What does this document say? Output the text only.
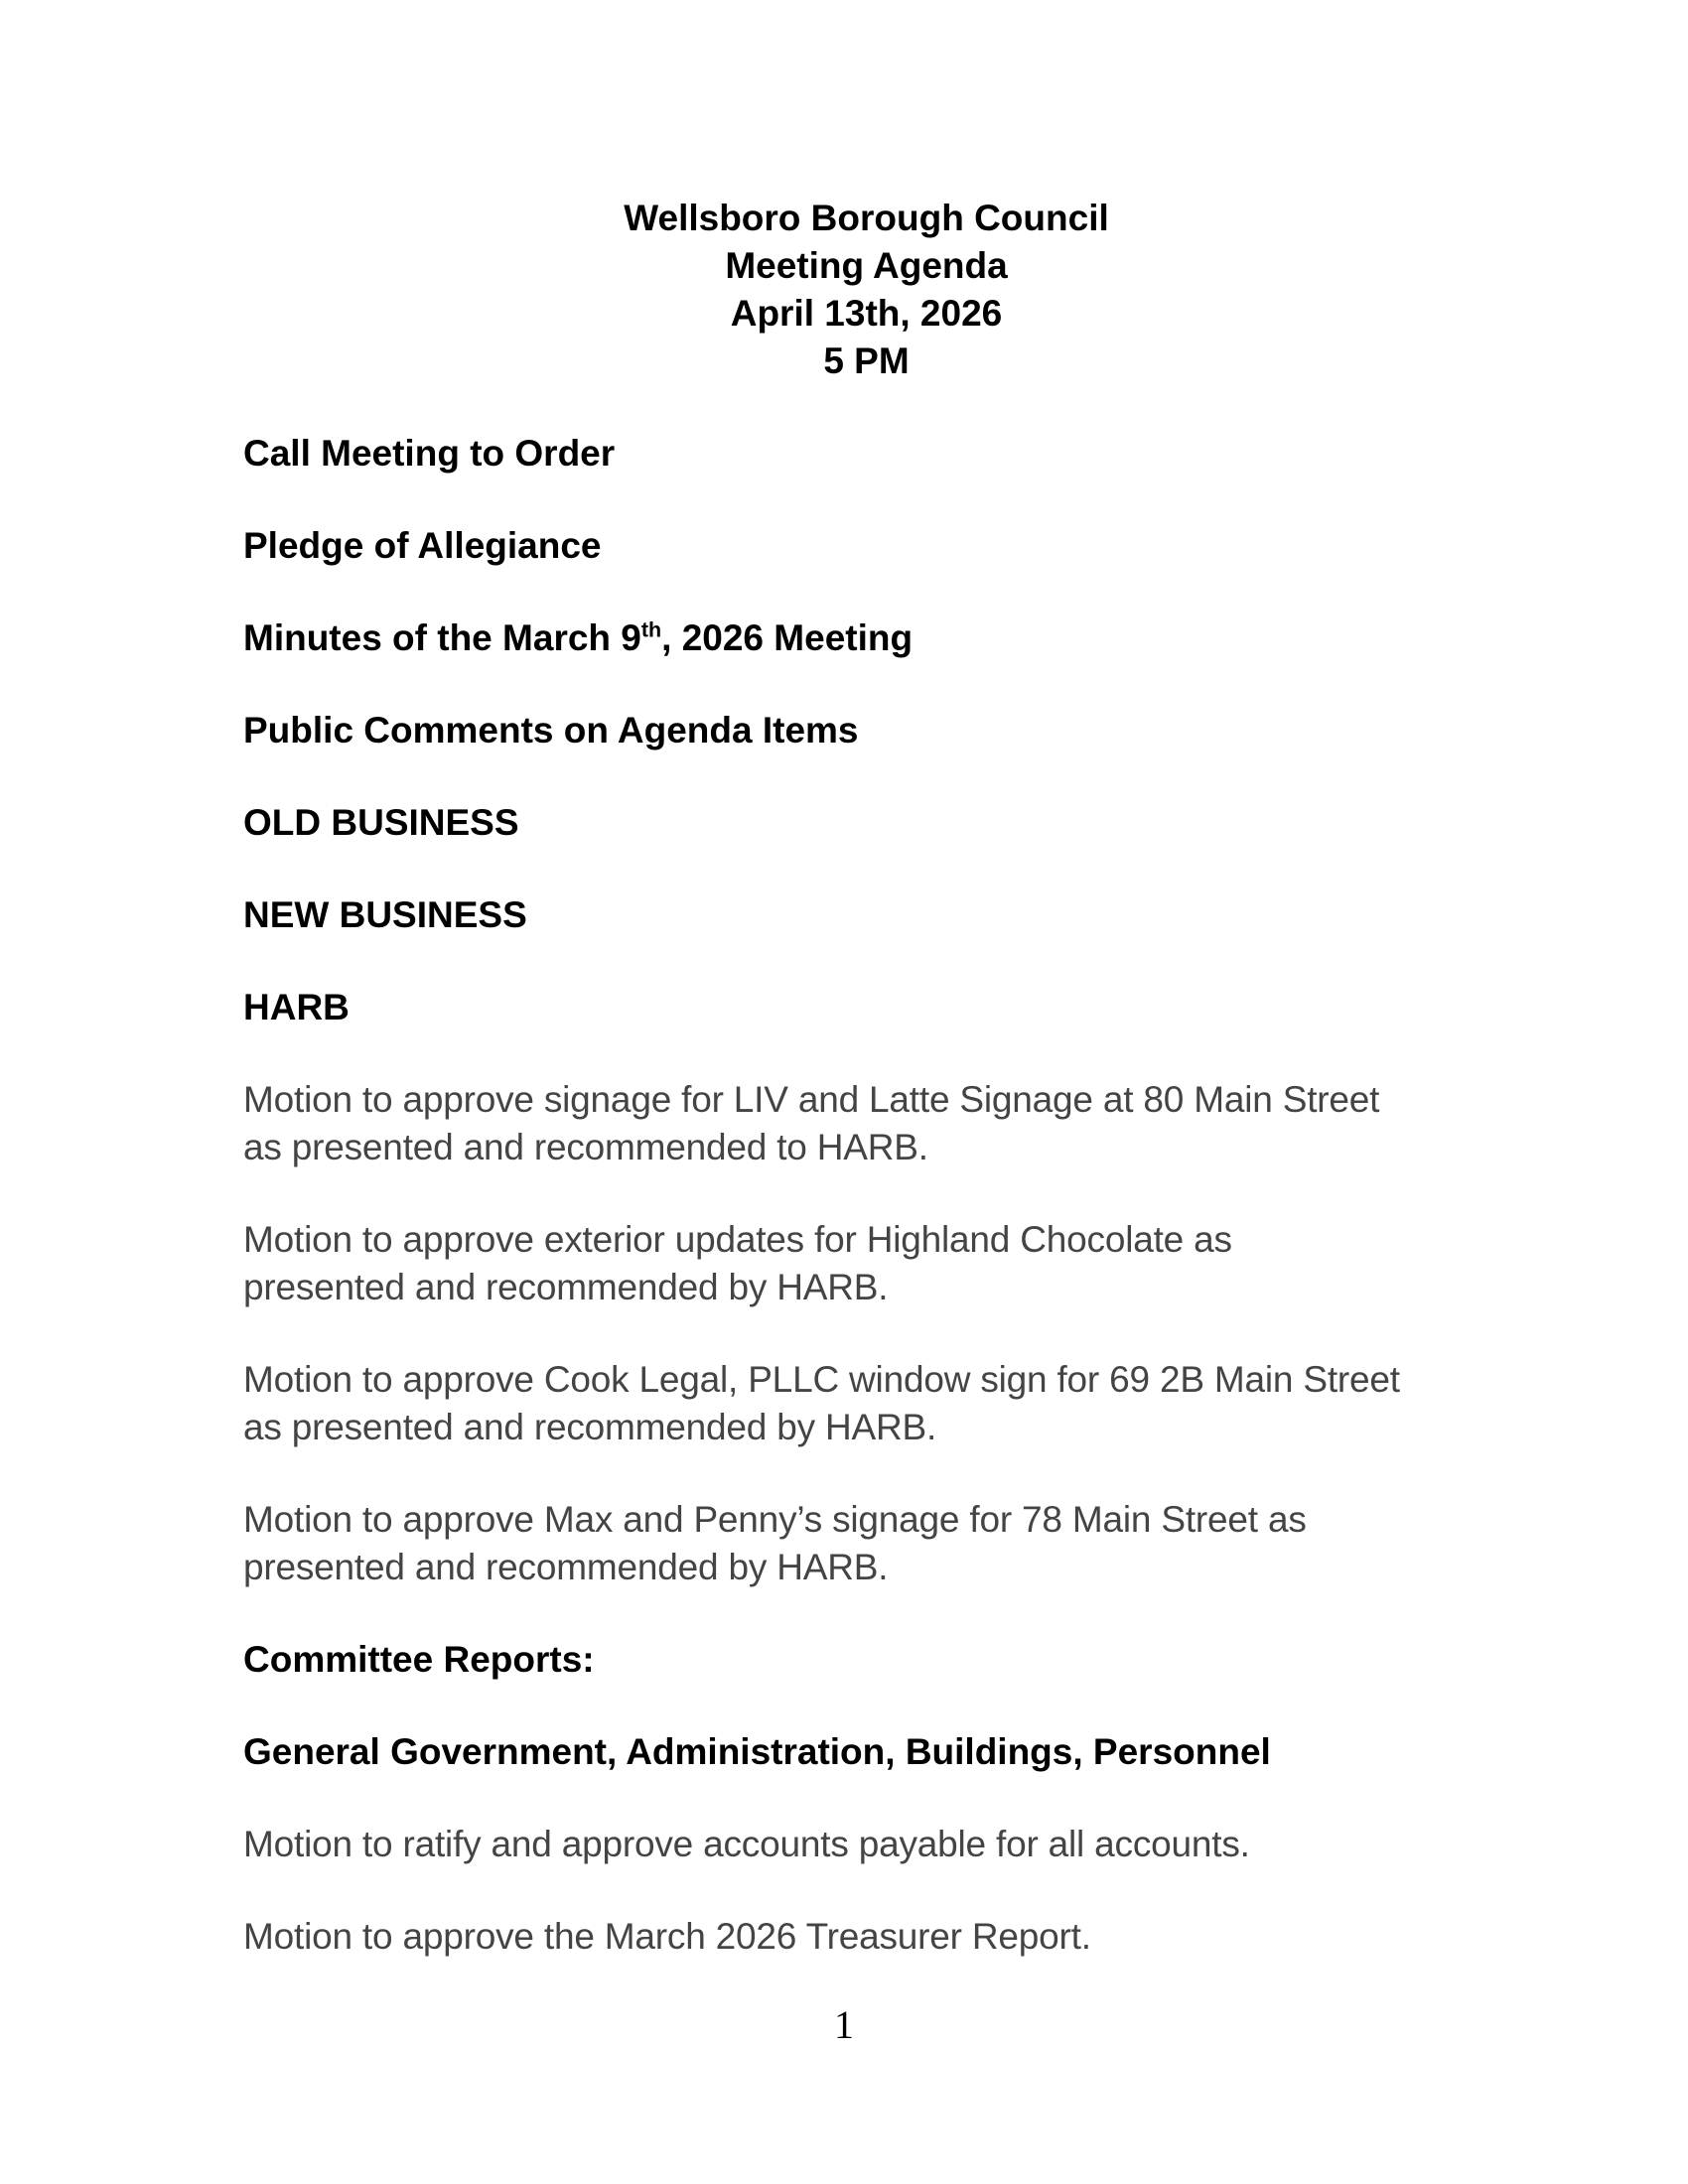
Wellsboro Borough Council
Meeting Agenda
April 13th, 2026
5 PM
Call Meeting to Order
Pledge of Allegiance
Minutes of the March 9th, 2026 Meeting
Public Comments on Agenda Items
OLD BUSINESS
NEW BUSINESS
HARB
Motion to approve signage for LIV and Latte Signage at 80 Main Street
as presented and recommended to HARB.
Motion to approve exterior updates for Highland Chocolate as
presented and recommended by HARB.
Motion to approve Cook Legal, PLLC window sign for 69 2B Main Street
as presented and recommended by HARB.
Motion to approve Max and Penny’s signage for 78 Main Street as
presented and recommended by HARB.
Committee Reports:
General Government, Administration, Buildings, Personnel
Motion to ratify and approve accounts payable for all accounts.
Motion to approve the March 2026 Treasurer Report.
1
